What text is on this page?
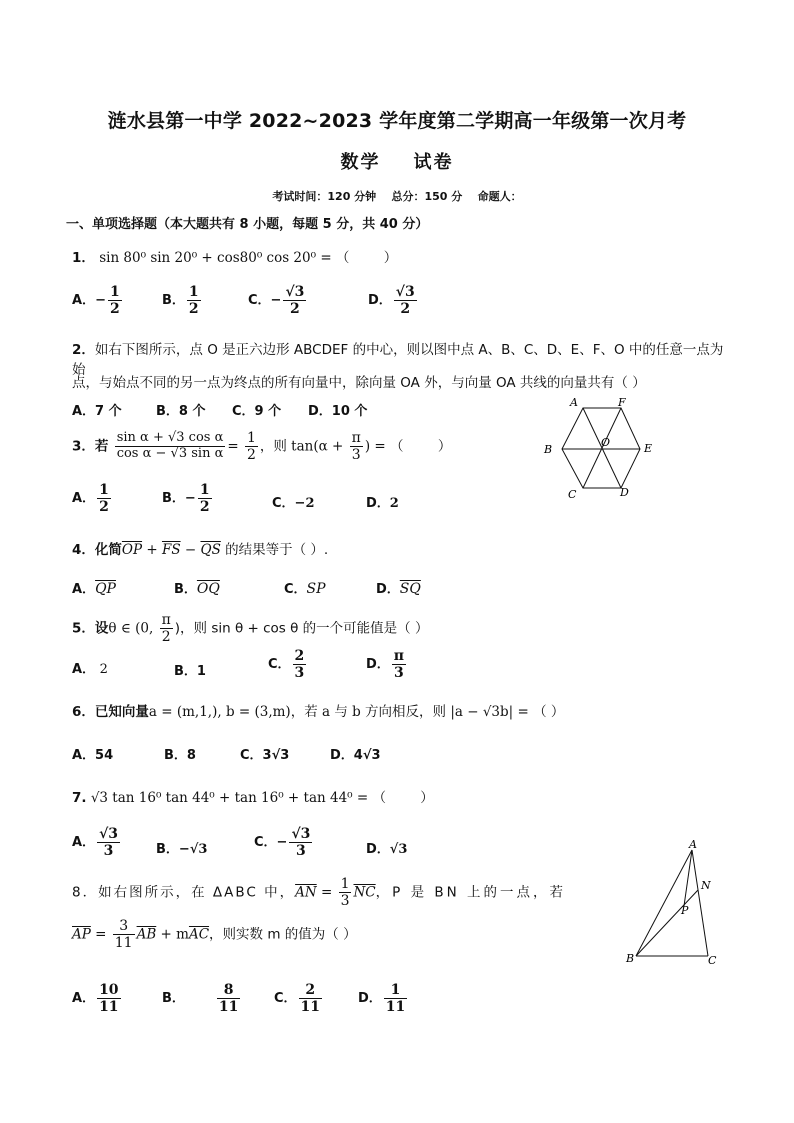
涟水县第一中学 2022~2023 学年度第二学期高一年级第一次月考
数学    试卷
考试时间：120 分钟    总分：150 分    命题人：
一、单项选择题（本大题共有 8 小题，每题 5 分，共 40 分）
1． sin 80⁰ sin 20⁰ + cos80⁰ cos 20⁰ = （        ）
A．− $\frac{1}{2}$	B． $\frac{1}{2}$	C．− $\frac{√3}{2}$	D． $\frac{√3}{2}$
2．如右下图所示，点 O 是正六边形 ABCDEF 的中心，则以图中点 A、B、C、D、E、F、O 中的任意一点为始
点，与始点不同的另一点为终点的所有向量中，除向量 OA 外，与向量 OA 共线的向量共有（ ）
A．7 个	B．8 个 C．9 个 D．10 个
A	F
B
O	E
C	D
3．若 $\frac{\text{sin α + √3 cos α}}{\text{cos α − √3 sin α}} = \frac{1}{2}$ ，则 $\tan(\alpha + \frac{\pi}{3}$ ) = （        ）
A． $\frac{1}{2}$	B．− $\frac{1}{2}$	C．−2	D．2
4．化简$\overline{OP} + \overline{FS} - \overline{QS}$ 的结果等于（ ）.
A．$\overline{QP}$	B．$\overline{OQ}$	C．SP	D．$\overline{SQ}$
5．设θ ∈ (0, $\frac{\pi}{2}$ )，则 sin θ + cos θ 的一个可能值是（ ）
A． 2	B．1	C． $\frac{2}{3}$	D． $\frac{\pi}{3}$
6．已知向量a = (m,1,), b = (3,m)，若 a 与 b 方向相反，则 |a − √3b| = （ ）
A．54	B．8	C．3√3	D．4√3
7. √3 tan 16⁰ tan 44⁰ + tan 16⁰ + tan 44⁰ = （        ）
A． $\frac{√3}{3}$	B．−√3	C．− $\frac{√3}{3}$	D．√3
8．如右图所示，在 ΔABC 中，$\overline{AN} = \frac{1}{3} \overline{NC}$，P 是 BN 上的一点，若
$\overline{AP} = \frac{3}{11} \overline{AB} + m\overline{AC}$，则实数 m 的值为（ ）
A． $\frac{10}{11}$	B． $\frac{8}{11}$	C． $\frac{2}{11}$	D． $\frac{1}{11}$
A
N
P
B	C
